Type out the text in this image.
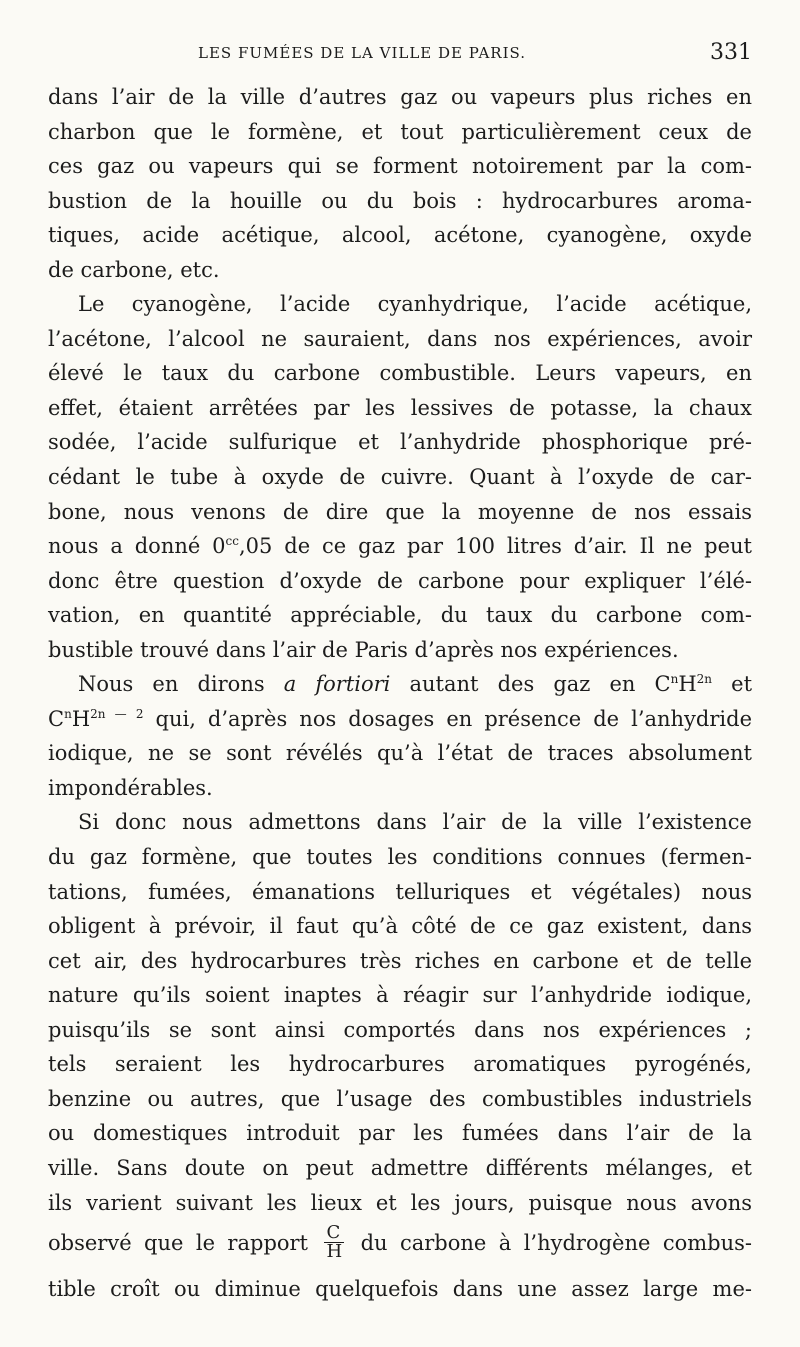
LES FUMÉES DE LA VILLE DE PARIS.	331
dans l’air de la ville d’autres gaz ou vapeurs plus riches en
charbon que le formène, et tout particulièrement ceux de
ces gaz ou vapeurs qui se forment notoirement par la com-
bustion de la houille ou du bois : hydrocarbures aroma-
tiques, acide acétique, alcool, acétone, cyanogène, oxyde
de carbone, etc.
Le cyanogène, l’acide cyanhydrique, l’acide acétique,
l’acétone, l’alcool ne sauraient, dans nos expériences, avoir
élevé le taux du carbone combustible. Leurs vapeurs, en
effet, étaient arrêtées par les lessives de potasse, la chaux
sodée, l’acide sulfurique et l’anhydride phosphorique pré-
cédant le tube à oxyde de cuivre. Quant à l’oxyde de car-
bone, nous venons de dire que la moyenne de nos essais
nous a donné $0^{cc},05$ de ce gaz par 100 litres d’air. Il ne peut
donc être question d’oxyde de carbone pour expliquer l’élé-
vation, en quantité appréciable, du taux du carbone com-
bustible trouvé dans l’air de Paris d’après nos expériences.
Nous en dirons a fortiori autant des gaz en $C^nH^{2n}$ et
$C^nH^{2n — 2}$ qui, d’après nos dosages en présence de l’anhydride
iodique, ne se sont révélés qu’à l’état de traces absolument
impondérables.
Si donc nous admettons dans l’air de la ville l’existence
du gaz formène, que toutes les conditions connues (fermen-
tations, fumées, émanations telluriques et végétales) nous
obligent à prévoir, il faut qu’à côté de ce gaz existent, dans
cet air, des hydrocarbures très riches en carbone et de telle
nature qu’ils soient inaptes à réagir sur l’anhydride iodique,
puisqu’ils se sont ainsi comportés dans nos expériences ;
tels seraient les hydrocarbures aromatiques pyrogénés,
benzine ou autres, que l’usage des combustibles industriels
ou domestiques introduit par les fumées dans l’air de la
ville. Sans doute on peut admettre différents mélanges, et
ils varient suivant les lieux et les jours, puisque nous avons
observé que le rapport $\frac{C}{H}$ du carbone à l’hydrogène combus-
tible croît ou diminue quelquefois dans une assez large me-
